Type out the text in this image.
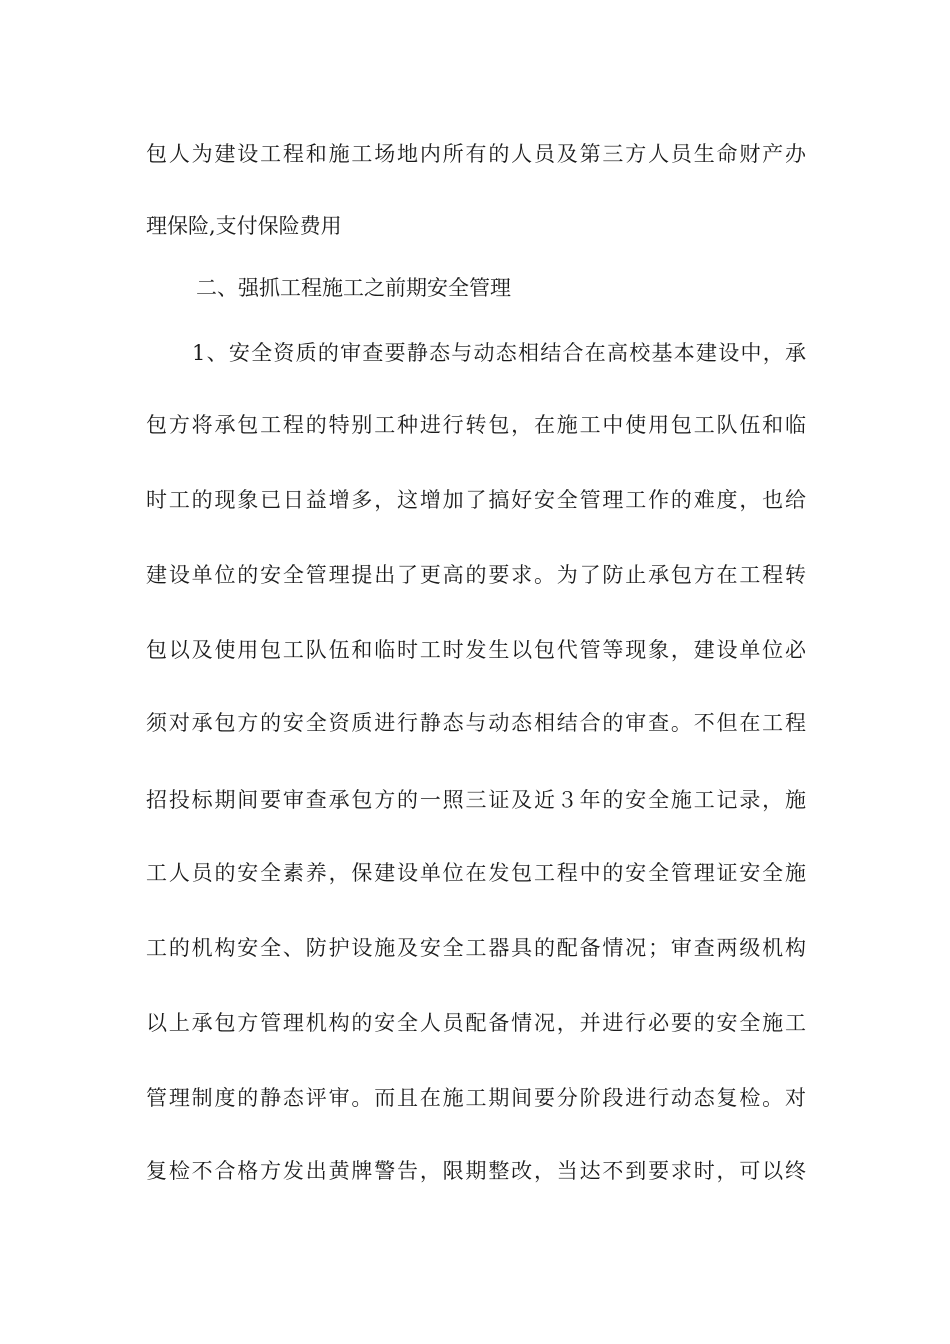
包人为建设工程和施工场地内所有的人员及第三方人员生命财产办
理保险,支付保险费用
二、强抓工程施工之前期安全管理
1、安全资质的审查要静态与动态相结合在高校基本建设中，承
包方将承包工程的特别工种进行转包，在施工中使用包工队伍和临
时工的现象已日益增多，这增加了搞好安全管理工作的难度，也给
建设单位的安全管理提出了更高的要求。为了防止承包方在工程转
包以及使用包工队伍和临时工时发生以包代管等现象，建设单位必
须对承包方的安全资质进行静态与动态相结合的审查。不但在工程
招投标期间要审查承包方的一照三证及近３年的安全施工记录，施
工人员的安全素养，保建设单位在发包工程中的安全管理证安全施
工的机构安全、防护设施及安全工器具的配备情况；审查两级机构
以上承包方管理机构的安全人员配备情况，并进行必要的安全施工
管理制度的静态评审。而且在施工期间要分阶段进行动态复检。对
复检不合格方发出黄牌警告，限期整改，当达不到要求时，可以终
